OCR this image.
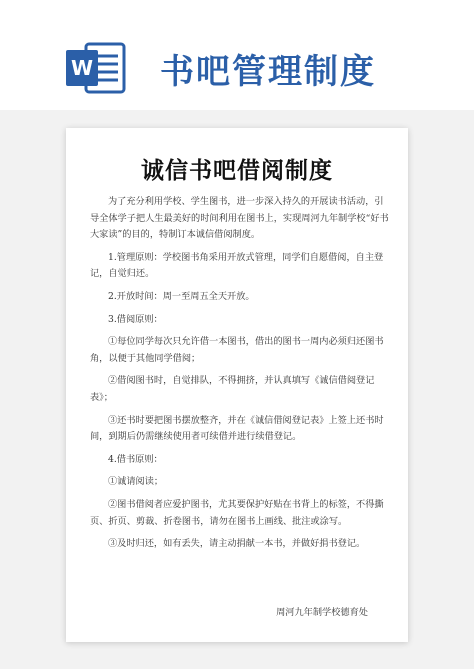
W 书吧管理制度
诚信书吧借阅制度

为了充分利用学校、学生图书，进一步深入持久的开展读书活动，引导全体学子把人生最美好的时间利用在图书上，实现周河九年制学校“好书大家读”的目的，特制订本诚信借阅制度。

1.管理原则：学校图书角采用开放式管理，同学们自愿借阅，自主登记，自觉归还。

2.开放时间：周一至周五全天开放。

3.借阅原则：

①每位同学每次只允许借一本图书，借出的图书一周内必须归还图书角，以便于其他同学借阅；

②借阅图书时，自觉排队，不得拥挤，并认真填写《诚信借阅登记表》；

③还书时要把图书摆放整齐，并在《诚信借阅登记表》上签上还书时间，到期后仍需继续使用者可续借并进行续借登记。

4.借书原则：

①诚请阅读；

②图书借阅者应爱护图书，尤其要保护好贴在书背上的标签，不得撕页、折页、剪裁、折卷图书，请勿在图书上画线、批注或涂写。

③及时归还，如有丢失，请主动捐献一本书，并做好捐书登记。

周河九年制学校德育处
